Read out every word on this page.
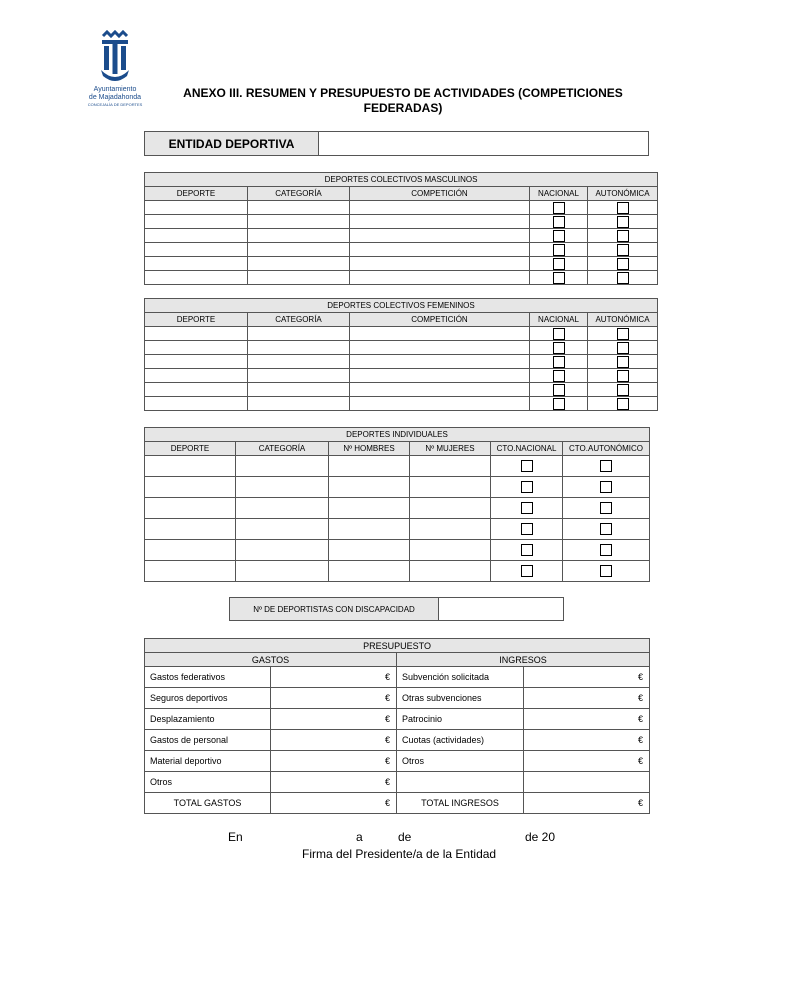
Ayuntamiento
de Majadahonda
CONCEJALÍA DE DEPORTES
ANEXO III. RESUMEN Y PRESUPUESTO DE ACTIVIDADES (COMPETICIONES
FEDERADAS)
ENTIDAD DEPORTIVA	
DEPORTES COLECTIVOS MASCULINOS				
DEPORTE	CATEGORÍA	COMPETICIÓN	NACIONAL	AUTONÓMICA

DEPORTES COLECTIVOS FEMENINOS				
DEPORTE	CATEGORÍA	COMPETICIÓN	NACIONAL	AUTONÓMICA

DEPORTES INDIVIDUALES					
DEPORTE	CATEGORÍA	Nº HOMBRES	Nº MUJERES	CTO.NACIONAL	CTO.AUTONÓMICO

Nº DE DEPORTISTAS CON DISCAPACIDAD	
PRESUPUESTO			
GASTOS		INGRESOS	
Gastos federativos	€	Subvención solicitada	€
Seguros deportivos	€	Otras subvenciones	€
Desplazamiento	€	Patrocinio	€
Gastos de personal	€	Cuotas (actividades)	€
Material deportivo	€	Otros	€
Otros	€		
TOTAL GASTOS	€	TOTAL INGRESOS	€
En	a	de	de 20
Firma del Presidente/a de la Entidad
